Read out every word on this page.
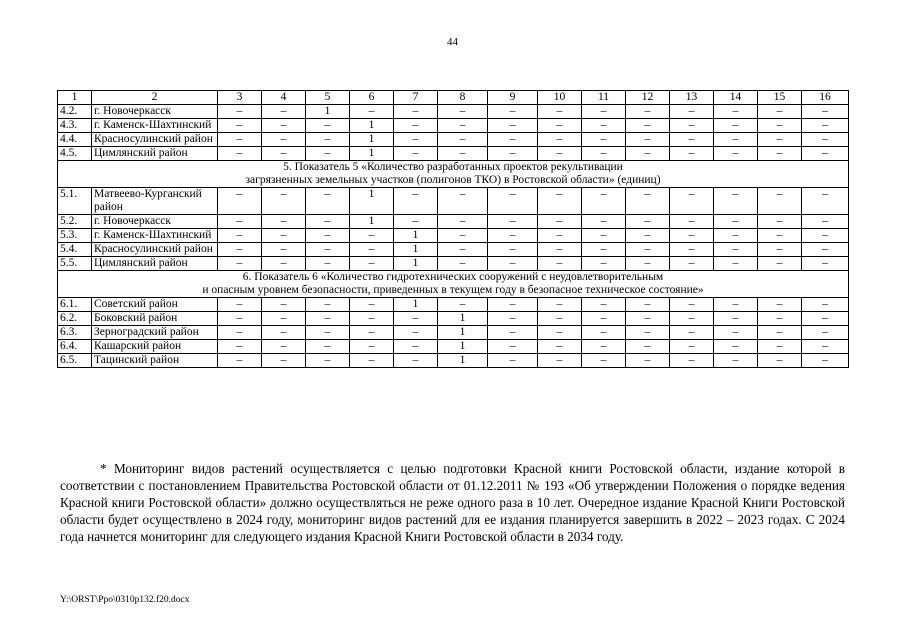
44
1	2	3	4	5	6	7	8	9	10	11	12	13	14	15	16
4.2.	г. Новочеркасск	–	–	1	–	–	–	–	–	–	–	–	–	–	–
4.3.	г. Каменск-Шахтинский	–	–	–	1	–	–	–	–	–	–	–	–	–	–
4.4.	Красносулинский район	–	–	–	1	–	–	–	–	–	–	–	–	–	–
4.5.	Цимлянский район	–	–	–	1	–	–	–	–	–	–	–	–	–	–

5. Показатель 5 «Количество разработанных проектов рекультивации
загрязненных земельных участков (полигонов ТКО) в Ростовской области» (единиц)															

5.1.	Матвеево-Курганский район	–	–	–	1	–	–	–	–	–	–	–	–	–	–
5.2.	г. Новочеркасск	–	–	–	1	–	–	–	–	–	–	–	–	–	–
5.3.	г. Каменск-Шахтинский	–	–	–	–	1	–	–	–	–	–	–	–	–	–
5.4.	Красносулинский район	–	–	–	–	1	–	–	–	–	–	–	–	–	–
5.5.	Цимлянский район	–	–	–	–	1	–	–	–	–	–	–	–	–	–

6. Показатель 6 «Количество гидротехнических сооружений с неудовлетворительным
и опасным уровнем безопасности, приведенных в текущем году в безопасное техническое состояние»															

6.1.	Советский район	–	–	–	–	1	–	–	–	–	–	–	–	–	–
6.2.	Боковский район	–	–	–	–	–	1	–	–	–	–	–	–	–	–
6.3.	Зерноградский район	–	–	–	–	–	1	–	–	–	–	–	–	–	–
6.4.	Кашарский район	–	–	–	–	–	1	–	–	–	–	–	–	–	–
6.5.	Тацинский район	–	–	–	–	–	1	–	–	–	–	–	–	–	–

* Мониторинг видов растений осуществляется с целью подготовки Красной книги Ростовской области, издание которой в соответствии с постановлением Правительства Ростовской области от 01.12.2011 № 193 «Об утверждении Положения о порядке ведения Красной книги Ростовской области» должно осуществляться не реже одного раза в 10 лет. Очередное издание Красной Книги Ростовской области будет осуществлено в 2024 году, мониторинг видов растений для ее издания планируется завершить в 2022 – 2023 годах. С 2024 года начнется мониторинг для следующего издания Красной Книги Ростовской области в 2034 году.

Y:\ORST\Ppo\0310p132.f20.docx
